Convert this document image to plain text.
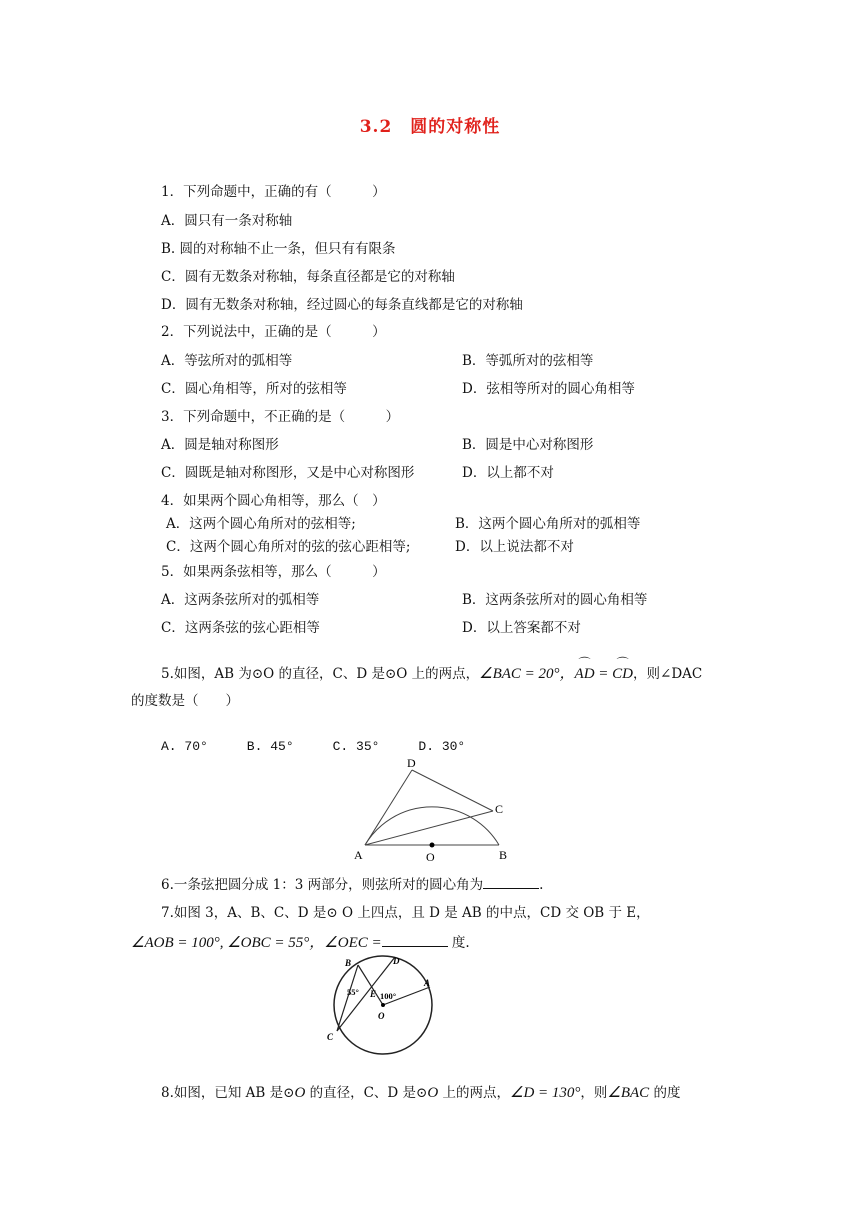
3.2　圆的对称性
1．下列命题中，正确的有（　　　）
A．圆只有一条对称轴
B. 圆的对称轴不止一条，但只有有限条
C．圆有无数条对称轴，每条直径都是它的对称轴
D．圆有无数条对称轴，经过圆心的每条直线都是它的对称轴
2．下列说法中，正确的是（　　　）
A．等弦所对的弧相等	B．等弧所对的弦相等
C．圆心角相等，所对的弦相等	D．弦相等所对的圆心角相等
3．下列命题中，不正确的是（　　　）
A．圆是轴对称图形	B．圆是中心对称图形
C．圆既是轴对称图形，又是中心对称图形	D．以上都不对
4．如果两个圆心角相等，那么（　）
A．这两个圆心角所对的弦相等;	B．这两个圆心角所对的弧相等
C．这两个圆心角所对的弦的弦心距相等;	D．以上说法都不对
5．如果两条弦相等，那么（　　　）
A．这两条弦所对的弧相等	B．这两条弦所对的圆心角相等
C．这两条弦的弦心距相等	D．以上答案都不对
5.如图，AB 为⊙O 的直径，C、D 是⊙O 上的两点，∠BAC = 20°，⌒ AD = ⌒ CD，则∠DAC
的度数是（　　）
A. 70°　　　B. 45°　　　C. 35°　　　D. 30°
A	B
C
D
O
6.一条弦把圆分成 1：3 两部分，则弦所对的圆心角为	.
7.如图 3，A、B、C、D 是⊙ O 上四点，且 D 是 AB 的中点，CD 交 OB 于 E，
∠AOB = 100°, ∠OBC = 55°，∠OEC =	度.
B	D
A
C
E
O
55° 100°
8.如图，已知 AB 是⊙O 的直径，C、D 是⊙O 上的两点，∠D = 130°，则∠BAC 的度
